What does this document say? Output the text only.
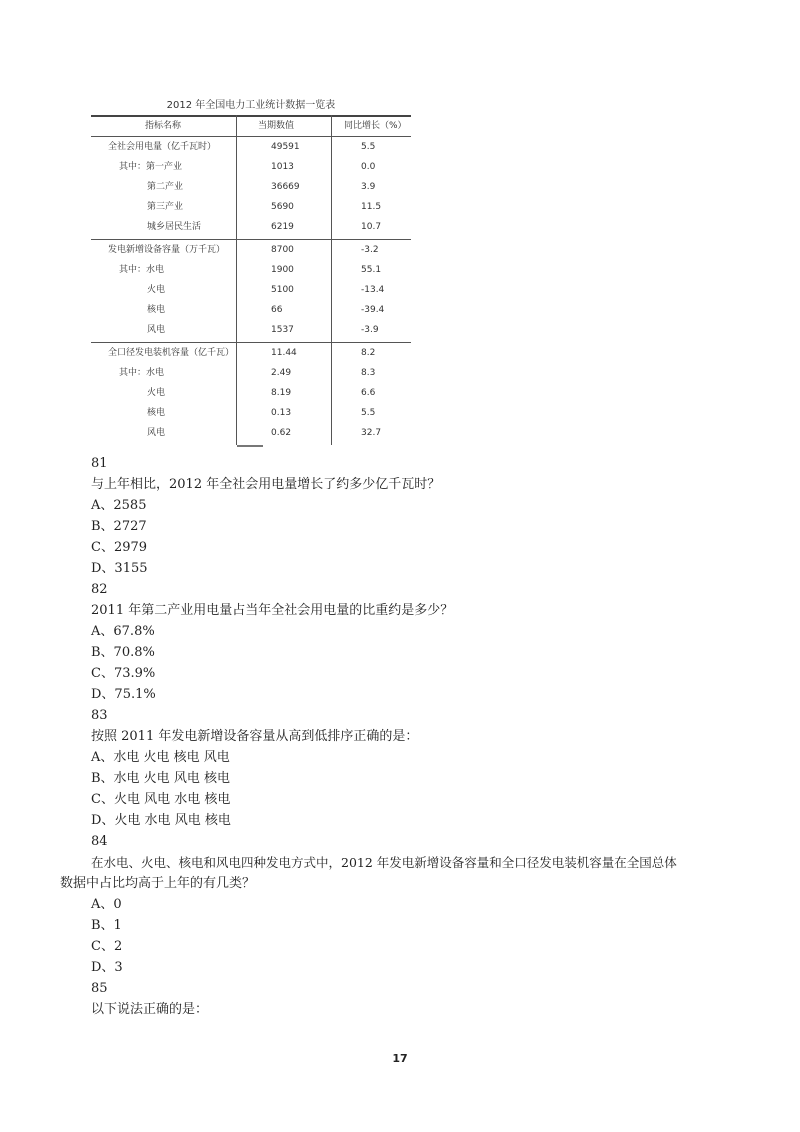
2012 年全国电力工业统计数据一览表
指标名称	当期数值	同比增长（%）
全社会用电量（亿千瓦时）	49591	5.5
其中：第一产业	1013	0.0
第二产业	36669	3.9
第三产业	5690	11.5
城乡居民生活	6219	10.7
发电新增设备容量（万千瓦）	8700	-3.2
其中：水电	1900	55.1
火电	5100	-13.4
核电	66	-39.4
风电	1537	-3.9
全口径发电装机容量（亿千瓦）	11.44	8.2
其中：水电	2.49	8.3
火电	8.19	6.6
核电	0.13	5.5
风电	0.62	32.7
81
与上年相比，2012 年全社会用电量增长了约多少亿千瓦时？
A、2585
B、2727
C、2979
D、3155
82
2011 年第二产业用电量占当年全社会用电量的比重约是多少？
A、67.8%
B、70.8%
C、73.9%
D、75.1%
83
按照 2011 年发电新增设备容量从高到低排序正确的是：
A、水电 火电 核电 风电
B、水电 火电 风电 核电
C、火电 风电 水电 核电
D、火电 水电 风电 核电
84
在水电、火电、核电和风电四种发电方式中，2012 年发电新增设备容量和全口径发电装机容量在全国总体
数据中占比均高于上年的有几类？
A、0
B、1
C、2
D、3
85
以下说法正确的是：
17
